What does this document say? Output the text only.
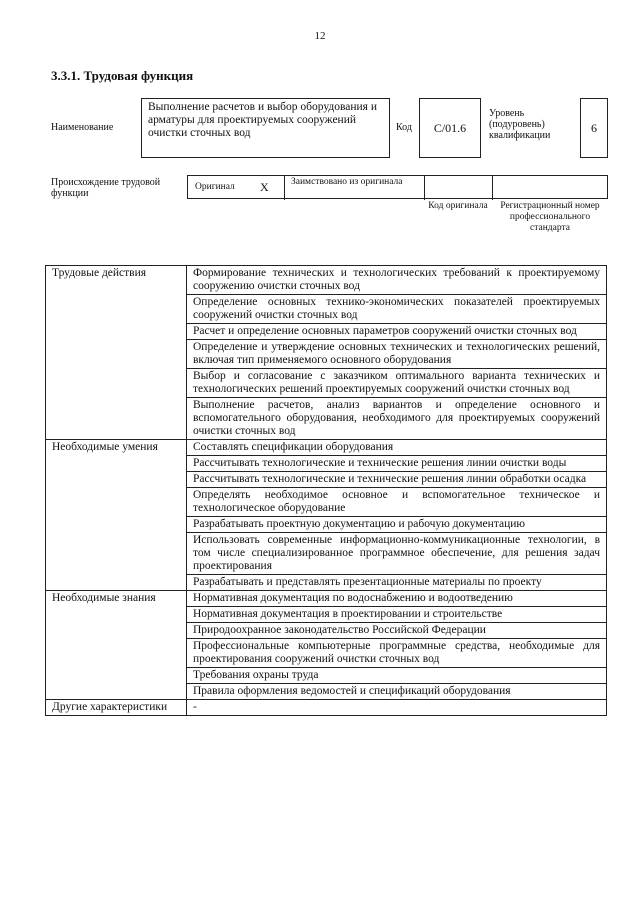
12
3.3.1. Трудовая функция
Наименование
Выполнение расчетов и выбор оборудования и арматуры для проектируемых сооружений очистки сточных вод	Код	C/01.6
Уровень (подуровень) квалификации
6
Происхождение трудовой функции
Оригинал X Заимствовано из оригинала
Код оригинала	Регистрационный номер профессионального стандарта
Трудовые действия	Формирование технических и технологических требований к проектируемому сооружению очистки сточных вод
	Определение основных технико-экономических показателей проектируемых сооружений очистки сточных вод
	Расчет и определение основных параметров сооружений очистки сточных вод
	Определение и утверждение основных технических и технологических решений, включая тип применяемого основного оборудования
	Выбор и согласование с заказчиком оптимального варианта технических и технологических решений проектируемых сооружений очистки сточных вод
	Выполнение расчетов, анализ вариантов и определение основного и вспомогательного оборудования, необходимого для проектируемых сооружений очистки сточных вод
Необходимые умения	Составлять спецификации оборудования
	Рассчитывать технологические и технические решения линии очистки воды
	Рассчитывать технологические и технические решения линии обработки осадка
	Определять необходимое основное и вспомогательное техническое и технологическое оборудование
	Разрабатывать проектную документацию и рабочую документацию
	Использовать современные информационно-коммуникационные технологии, в том числе специализированное программное обеспечение, для решения задач проектирования
	Разрабатывать и представлять презентационные материалы по проекту
Необходимые знания	Нормативная документация по водоснабжению и водоотведению
	Нормативная документация в проектировании и строительстве
	Природоохранное законодательство Российской Федерации
	Профессиональные компьютерные программные средства, необходимые для проектирования сооружений очистки сточных вод
	Требования охраны труда
	Правила оформления ведомостей и спецификаций оборудования
Другие характеристики	-
